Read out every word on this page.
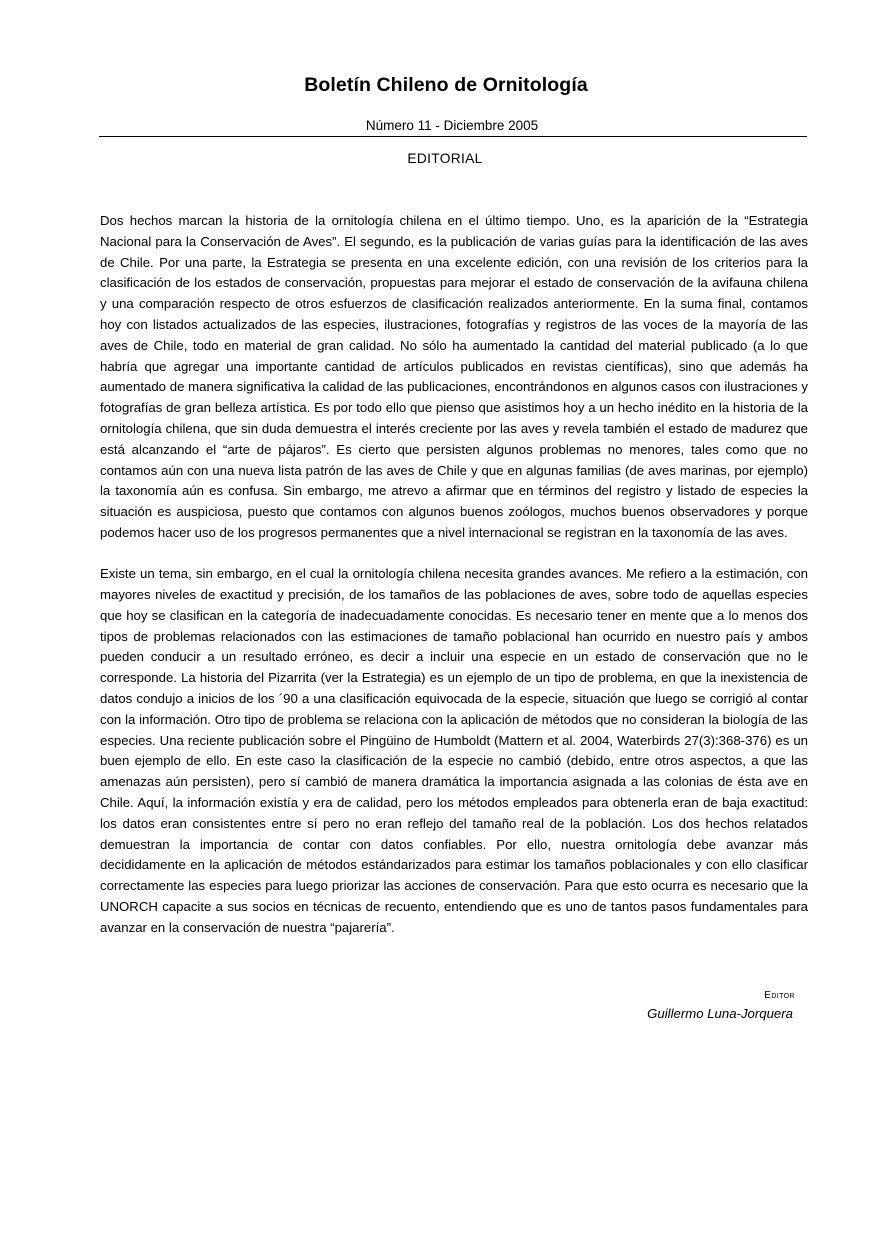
Boletín Chileno de Ornitología
Número 11 - Diciembre 2005
EDITORIAL

Dos hechos marcan la historia de la ornitología chilena en el último tiempo. Uno, es la aparición de la “Estrategia Nacional para la Conservación de Aves”. El segundo, es la publicación de varias guías para la identificación de las aves de Chile. Por una parte, la Estrategia se presenta en una excelente edición, con una revisión de los criterios para la clasificación de los estados de conservación, propuestas para mejorar el estado de conservación de la avifauna chilena y una comparación respecto de otros esfuerzos de clasificación realizados anteriormente. En la suma final, contamos hoy con listados actualizados de las especies, ilustraciones, fotografías y registros de las voces de la mayoría de las aves de Chile, todo en material de gran calidad. No sólo ha aumentado la cantidad del material publicado (a lo que habría que agregar una importante cantidad de artículos publicados en revistas científicas), sino que además ha aumentado de manera significativa la calidad de las publicaciones, encontrándonos en algunos casos con ilustraciones y fotografías de gran belleza artística. Es por todo ello que pienso que asistimos hoy a un hecho inédito en la historia de la ornitología chilena, que sin duda demuestra el interés creciente por las aves y revela también el estado de madurez que está alcanzando el “arte de pájaros”. Es cierto que persisten algunos problemas no menores, tales como que no contamos aún con una nueva lista patrón de las aves de Chile y que en algunas familias (de aves marinas, por ejemplo) la taxonomía aún es confusa. Sin embargo, me atrevo a afirmar que en términos del registro y listado de especies la situación es auspiciosa, puesto que contamos con algunos buenos zoólogos, muchos buenos observadores y porque podemos hacer uso de los progresos permanentes que a nivel internacional se registran en la taxonomía de las aves.

Existe un tema, sin embargo, en el cual la ornitología chilena necesita grandes avances. Me refiero a la estimación, con mayores niveles de exactitud y precisión, de los tamaños de las poblaciones de aves, sobre todo de aquellas especies que hoy se clasifican en la categoría de inadecuadamente conocidas. Es necesario tener en mente que a lo menos dos tipos de problemas relacionados con las estimaciones de tamaño poblacional han ocurrido en nuestro país y ambos pueden conducir a un resultado erróneo, es decir a incluir una especie en un estado de conservación que no le corresponde. La historia del Pizarrita (ver la Estrategia) es un ejemplo de un tipo de problema, en que la inexistencia de datos condujo a inicios de los ´90 a una clasificación equivocada de la especie, situación que luego se corrigió al contar con la información. Otro tipo de problema se relaciona con la aplicación de métodos que no consideran la biología de las especies. Una reciente publicación sobre el Pingüino de Humboldt (Mattern et al. 2004, Waterbirds 27(3):368-376) es un buen ejemplo de ello. En este caso la clasificación de la especie no cambió (debido, entre otros aspectos, a que las amenazas aún persisten), pero sí cambió de manera dramática la importancia asignada a las colonias de ésta ave en Chile. Aquí, la información existía y era de calidad, pero los métodos empleados para obtenerla eran de baja exactitud: los datos eran consistentes entre sí pero no eran reflejo del tamaño real de la población. Los dos hechos relatados demuestran la importancia de contar con datos confiables. Por ello, nuestra ornitología debe avanzar más decididamente en la aplicación de métodos estándarizados para estimar los tamaños poblacionales y con ello clasificar correctamente las especies para luego priorizar las acciones de conservación. Para que esto ocurra es necesario que la UNORCH capacite a sus socios en técnicas de recuento, entendiendo que es uno de tantos pasos fundamentales para avanzar en la conservación de nuestra “pajarería”.

Editor
Guillermo Luna-Jorquera
